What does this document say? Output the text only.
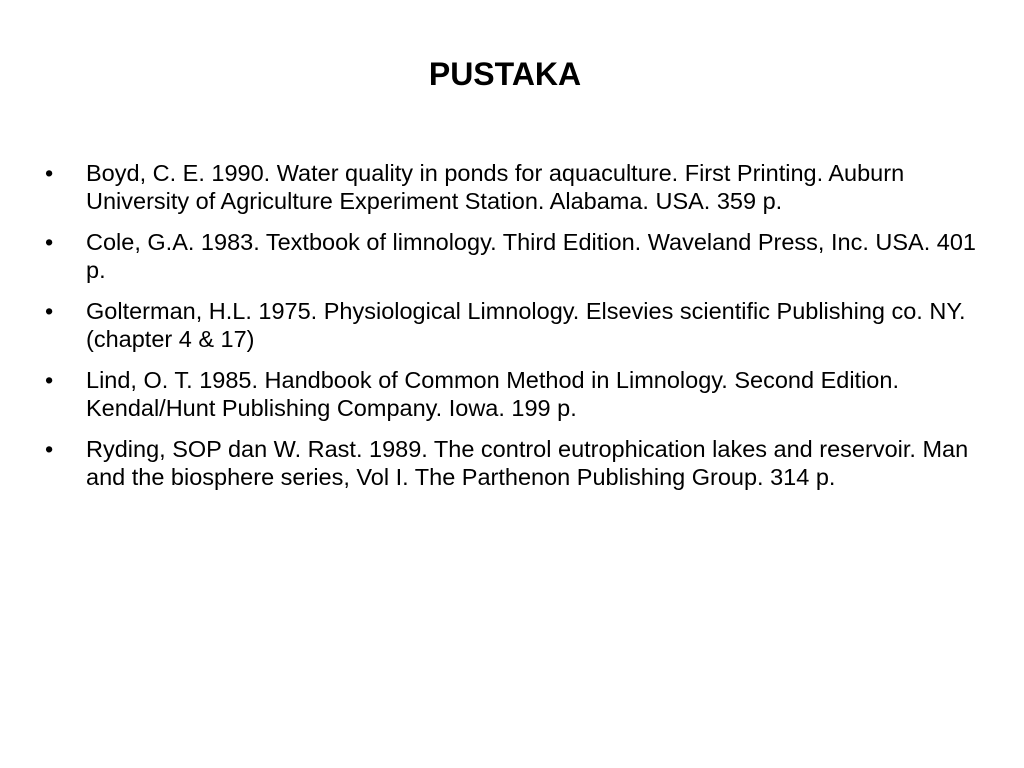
PUSTAKA
•	Boyd, C. E. 1990. Water quality in ponds for aquaculture. First Printing. Auburn University of Agriculture Experiment Station. Alabama. USA. 359 p.
•	Cole, G.A. 1983. Textbook of limnology. Third Edition. Waveland Press, Inc. USA. 401 p.
•	Golterman, H.L. 1975. Physiological Limnology. Elsevies scientific Publishing co. NY. (chapter 4 & 17)
•	Lind, O. T. 1985. Handbook of Common Method in Limnology. Second Edition. Kendal/Hunt Publishing Company. Iowa. 199 p.
•	Ryding, SOP dan W. Rast. 1989. The control eutrophication lakes and reservoir. Man and the biosphere series, Vol I. The Parthenon Publishing Group. 314 p.
